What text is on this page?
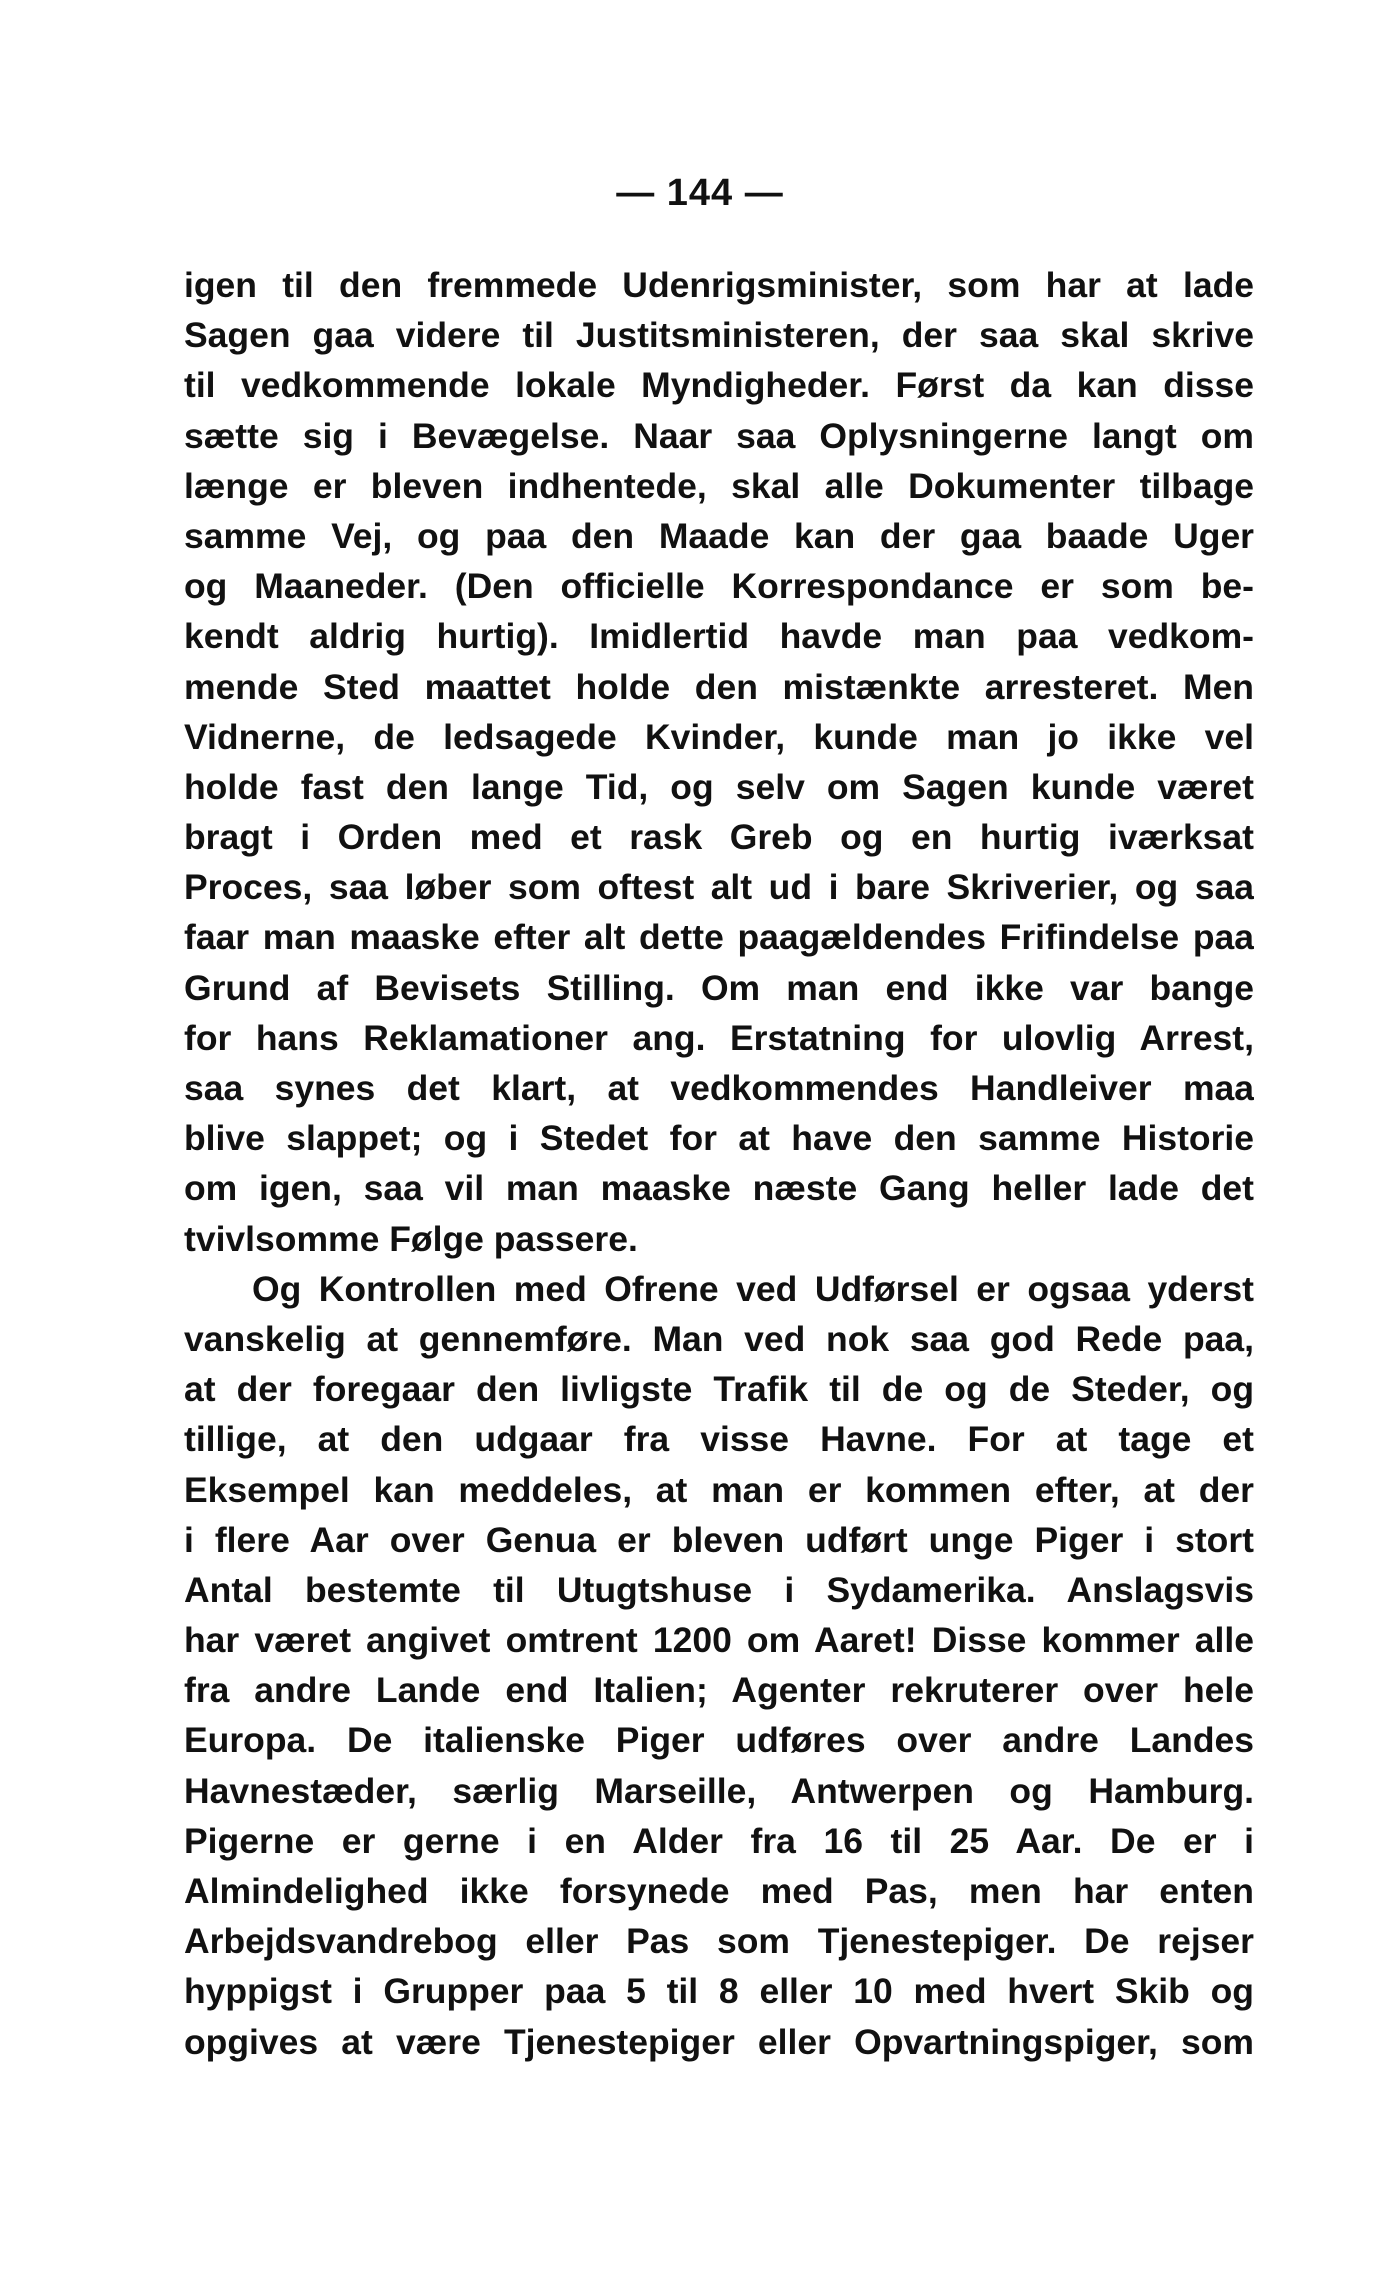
— 144 —
igen til den fremmede Udenrigsminister, som har at lade
Sagen gaa videre til Justitsministeren, der saa skal skrive
til vedkommende lokale Myndigheder. Først da kan disse
sætte sig i Bevægelse. Naar saa Oplysningerne langt om
længe er bleven indhentede, skal alle Dokumenter tilbage
samme Vej, og paa den Maade kan der gaa baade Uger
og Maaneder. (Den officielle Korrespondance er som be-
kendt aldrig hurtig). Imidlertid havde man paa vedkom-
mende Sted maattet holde den mistænkte arresteret. Men
Vidnerne, de ledsagede Kvinder, kunde man jo ikke vel
holde fast den lange Tid, og selv om Sagen kunde været
bragt i Orden med et rask Greb og en hurtig iværksat
Proces, saa løber som oftest alt ud i bare Skriverier, og saa
faar man maaske efter alt dette paagældendes Frifindelse paa
Grund af Bevisets Stilling. Om man end ikke var bange
for hans Reklamationer ang. Erstatning for ulovlig Arrest,
saa synes det klart, at vedkommendes Handleiver maa
blive slappet; og i Stedet for at have den samme Historie
om igen, saa vil man maaske næste Gang heller lade det
tvivlsomme Følge passere.
Og Kontrollen med Ofrene ved Udførsel er ogsaa yderst
vanskelig at gennemføre. Man ved nok saa god Rede paa,
at der foregaar den livligste Trafik til de og de Steder, og
tillige, at den udgaar fra visse Havne. For at tage et
Eksempel kan meddeles, at man er kommen efter, at der
i flere Aar over Genua er bleven udført unge Piger i stort
Antal bestemte til Utugtshuse i Sydamerika. Anslagsvis
har været angivet omtrent 1200 om Aaret! Disse kommer alle
fra andre Lande end Italien; Agenter rekruterer over hele
Europa. De italienske Piger udføres over andre Landes
Havnestæder, særlig Marseille, Antwerpen og Hamburg.
Pigerne er gerne i en Alder fra 16 til 25 Aar. De er i
Almindelighed ikke forsynede med Pas, men har enten
Arbejdsvandrebog eller Pas som Tjenestepiger. De rejser
hyppigst i Grupper paa 5 til 8 eller 10 med hvert Skib og
opgives at være Tjenestepiger eller Opvartningspiger, som
